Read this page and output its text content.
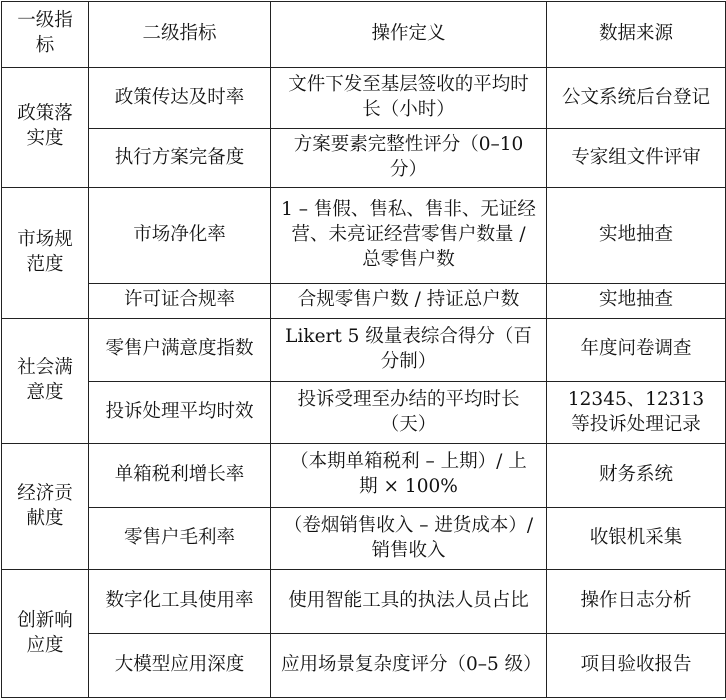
一级指标	二级指标	操作定义	数据来源
政策落实度	政策传达及时率	文件下发至基层签收的平均时长（小时）	公文系统后台登记
	执行方案完备度	方案要素完整性评分（0–10 分）	专家组文件评审
市场规范度	市场净化率	1 – 售假、售私、售非、无证经营、未亮证经营零售户数量 / 总零售户数	实地抽查
	许可证合规率	合规零售户数 / 持证总户数	实地抽查
社会满意度	零售户满意度指数	Likert 5 级量表综合得分（百分制）	年度问卷调查
	投诉处理平均时效	投诉受理至办结的平均时长（天）	12345、12313 等投诉处理记录
经济贡献度	单箱税利增长率	（本期单箱税利 – 上期）/ 上期 × 100%	财务系统
	零售户毛利率	（卷烟销售收入 – 进货成本）/ 销售收入	收银机采集
创新响应度	数字化工具使用率	使用智能工具的执法人员占比	操作日志分析
	大模型应用深度	应用场景复杂度评分（0–5 级）	项目验收报告
